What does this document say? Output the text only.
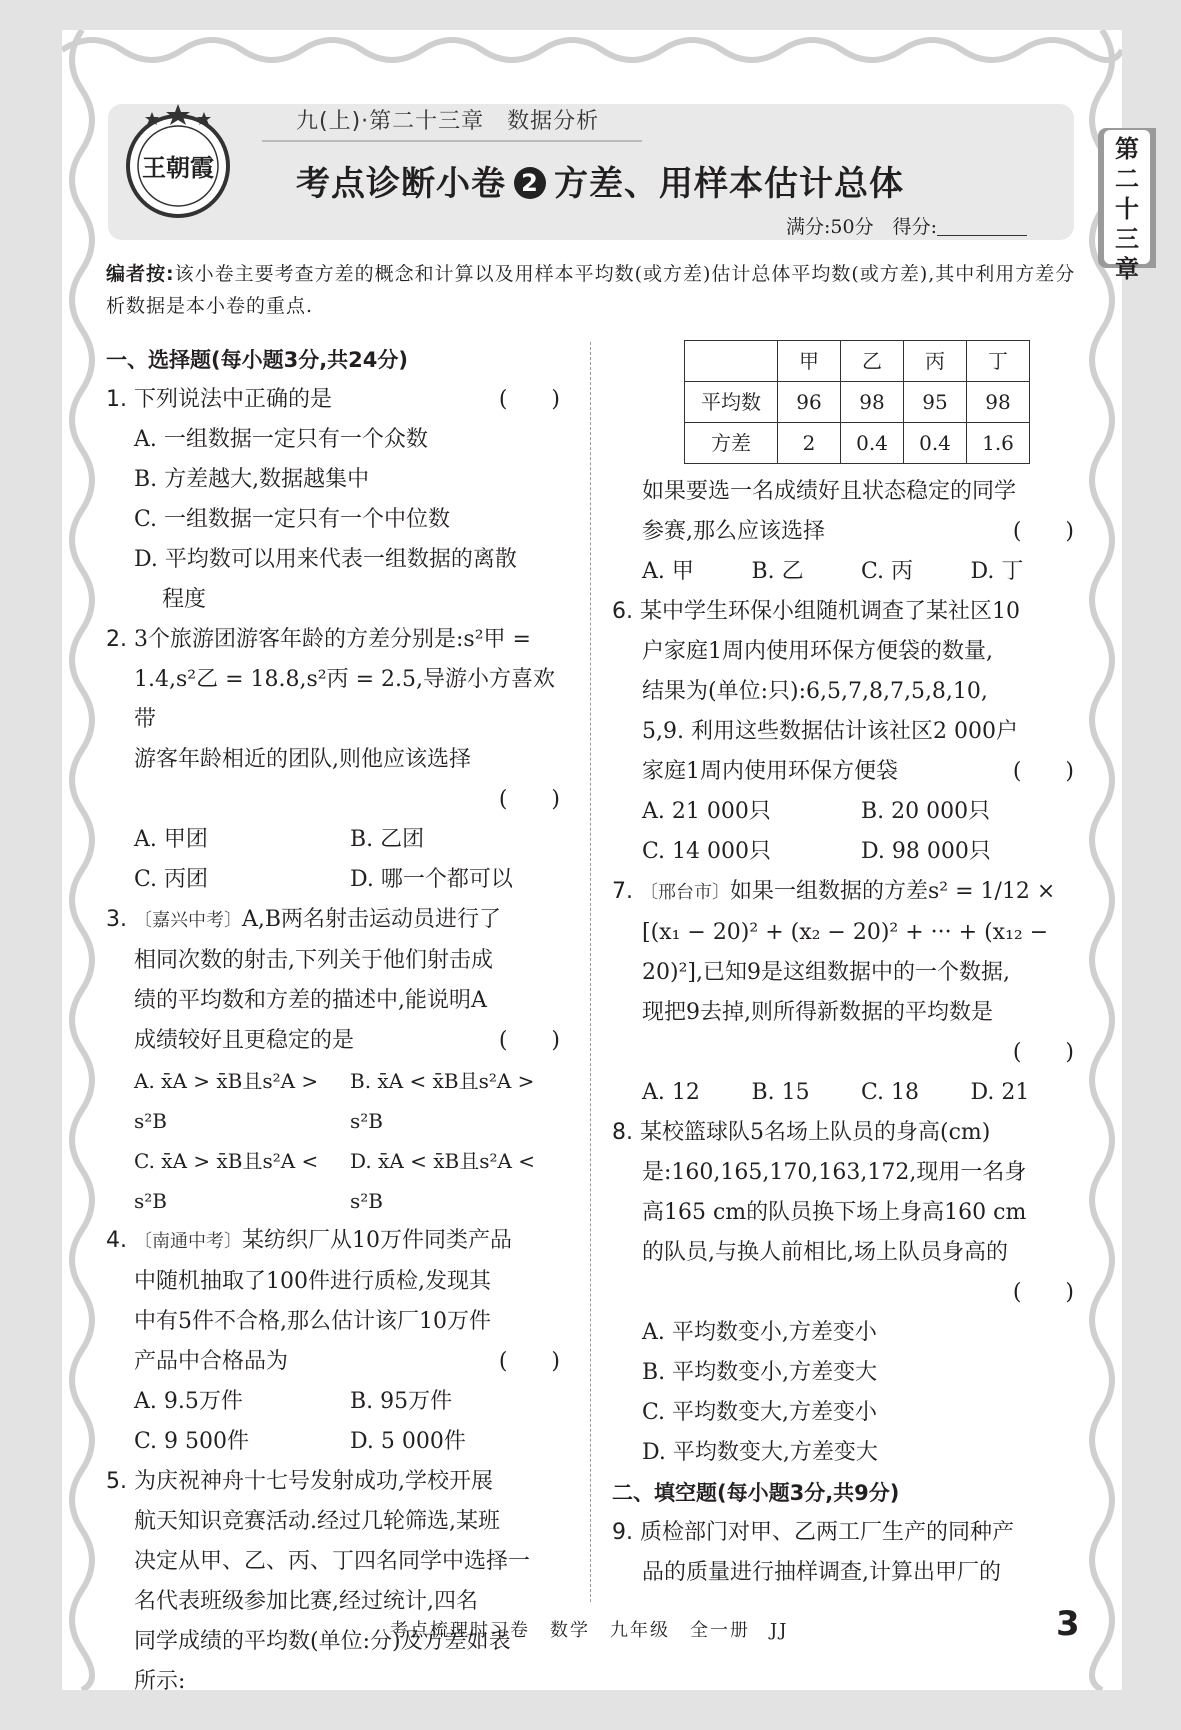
王朝霞
九(上)·第二十三章　数据分析
考点诊断小卷 2 方差、用样本估计总体
满分:50分　得分:
第
二
十
三
章
编者按:该小卷主要考查方差的概念和计算以及用样本平均数(或方差)估计总体平均数(或方差),其中利用方差分析数据是本小卷的重点.
一、选择题(每小题3分,共24分)
1. 下列说法中正确的是	(　　)
A. 一组数据一定只有一个众数
B. 方差越大,数据越集中
C. 一组数据一定只有一个中位数
D. 平均数可以用来代表一组数据的离散
程度
2. 3个旅游团游客年龄的方差分别是:s²甲 =
1.4,s²乙 = 18.8,s²丙 = 2.5,导游小方喜欢带
游客年龄相近的团队,则他应该选择
(　　)
A. 甲团	B. 乙团
C. 丙团	D. 哪一个都可以
3. 〔嘉兴中考〕A,B两名射击运动员进行了
相同次数的射击,下列关于他们射击成
绩的平均数和方差的描述中,能说明A
成绩较好且更稳定的是	(　　)
A. x̄A > x̄B且s²A > s²B
B. x̄A < x̄B且s²A > s²B
C. x̄A > x̄B且s²A < s²B
D. x̄A < x̄B且s²A < s²B
4. 〔南通中考〕某纺织厂从10万件同类产品
中随机抽取了100件进行质检,发现其
中有5件不合格,那么估计该厂10万件
产品中合格品为	(　　)
A. 9.5万件	B. 95万件
C. 9 500件	D. 5 000件
5. 为庆祝神舟十七号发射成功,学校开展
航天知识竞赛活动.经过几轮筛选,某班
决定从甲、乙、丙、丁四名同学中选择一
名代表班级参加比赛,经过统计,四名
同学成绩的平均数(单位:分)及方差如表
所示:
	甲	乙	丙	丁
平均数	96	98	95	98
方差	2	0.4	0.4	1.6
如果要选一名成绩好且状态稳定的同学
参赛,那么应该选择	(　　)
A. 甲	B. 乙	C. 丙	D. 丁
6. 某中学生环保小组随机调查了某社区10
户家庭1周内使用环保方便袋的数量,
结果为(单位:只):6,5,7,8,7,5,8,10,
5,9. 利用这些数据估计该社区2 000户
家庭1周内使用环保方便袋	(　　)
A. 21 000只	B. 20 000只
C. 14 000只	D. 98 000只
7. 〔邢台市〕如果一组数据的方差s² = 1/12 ×
[(x₁ − 20)² + (x₂ − 20)² + ··· + (x₁₂ −
20)²],已知9是这组数据中的一个数据,
现把9去掉,则所得新数据的平均数是
(　　)
A. 12	B. 15	C. 18	D. 21
8. 某校篮球队5名场上队员的身高(cm)
是:160,165,170,163,172,现用一名身
高165 cm的队员换下场上身高160 cm
的队员,与换人前相比,场上队员身高的
(　　)
A. 平均数变小,方差变小
B. 平均数变小,方差变大
C. 平均数变大,方差变小
D. 平均数变大,方差变大
二、填空题(每小题3分,共9分)
9. 质检部门对甲、乙两工厂生产的同种产
品的质量进行抽样调查,计算出甲厂的
考点梳理时习卷　数学　九年级　全一册　JJ	3
